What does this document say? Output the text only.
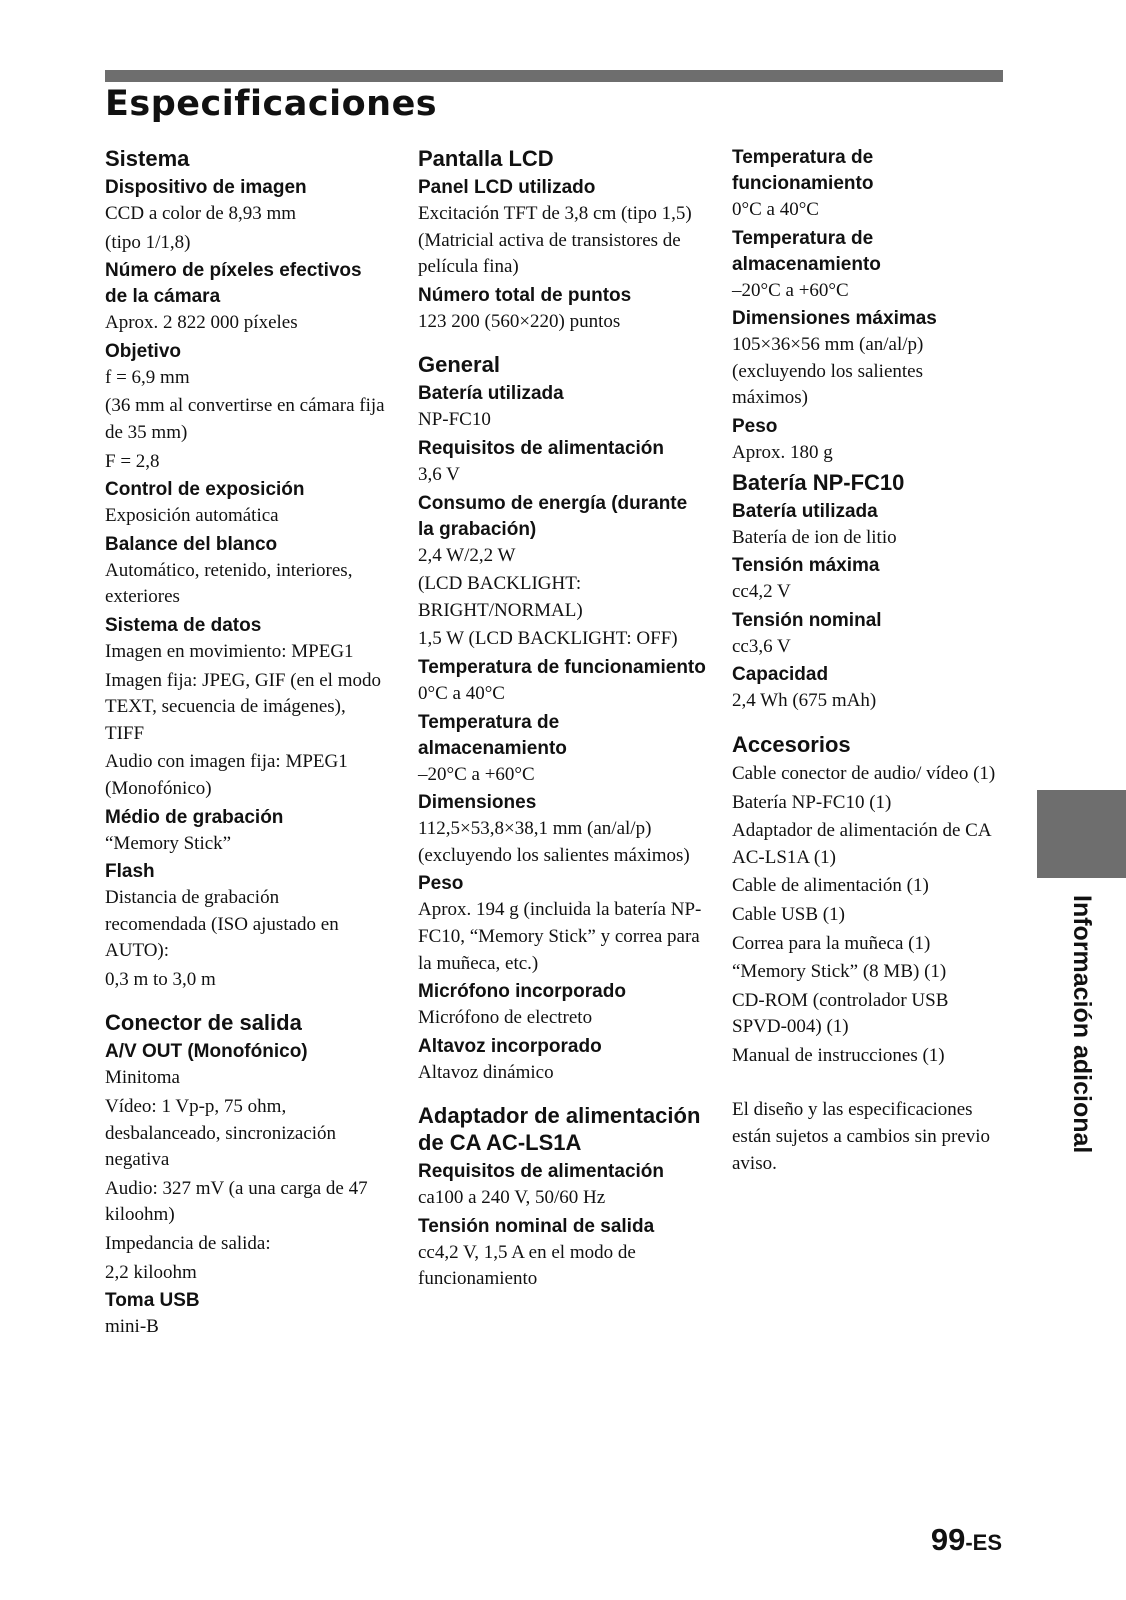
Especificaciones
Sistema
Dispositivo de imagen
CCD a color de 8,93 mm
(tipo 1/1,8)
Número de píxeles efectivos de la cámara
Aprox. 2 822 000 píxeles
Objetivo
f = 6,9 mm
(36 mm al convertirse en cámara fija de 35 mm)
F = 2,8
Control de exposición
Exposición automática
Balance del blanco
Automático, retenido, interiores, exteriores
Sistema de datos
Imagen en movimiento: MPEG1
Imagen fija: JPEG, GIF (en el modo TEXT, secuencia de imágenes), TIFF
Audio con imagen fija: MPEG1 (Monofónico)
Médio de grabación
“Memory Stick”
Flash
Distancia de grabación recomendada (ISO ajustado en AUTO):
0,3 m to 3,0 m
Conector de salida
A/V OUT (Monofónico)
Minitoma
Vídeo: 1 Vp-p, 75 ohm, desbalanceado, sincronización negativa
Audio: 327 mV (a una carga de 47 kiloohm)
Impedancia de salida:
2,2 kiloohm
Toma USB
mini-B
Pantalla LCD
Panel LCD utilizado
Excitación TFT de 3,8 cm (tipo 1,5) (Matricial activa de transistores de película fina)
Número total de puntos
123 200 (560×220) puntos
General
Batería utilizada
NP-FC10
Requisitos de alimentación
3,6 V
Consumo de energía (durante la grabación)
2,4 W/2,2 W
(LCD BACKLIGHT: BRIGHT/NORMAL)
1,5 W (LCD BACKLIGHT: OFF)
Temperatura de funcionamiento
0°C a 40°C
Temperatura de almacenamiento
–20°C a +60°C
Dimensiones
112,5×53,8×38,1 mm (an/al/p) (excluyendo los salientes máximos)
Peso
Aprox. 194 g (incluida la batería NP-FC10, “Memory Stick” y correa para la muñeca, etc.)
Micrófono incorporado
Micrófono de electreto
Altavoz incorporado
Altavoz dinámico
Adaptador de alimentación de CA AC-LS1A
Requisitos de alimentación
ca100 a 240 V, 50/60 Hz
Tensión nominal de salida
cc4,2 V, 1,5 A en el modo de funcionamiento
Temperatura de funcionamiento
0°C a 40°C
Temperatura de almacenamiento
–20°C a +60°C
Dimensiones máximas
105×36×56 mm (an/al/p) (excluyendo los salientes máximos)
Peso
Aprox. 180 g
Batería NP-FC10
Batería utilizada
Batería de ion de litio
Tensión máxima
cc4,2 V
Tensión nominal
cc3,6 V
Capacidad
2,4 Wh (675 mAh)
Accesorios
Cable conector de audio/ vídeo (1)
Batería NP-FC10 (1)
Adaptador de alimentación de CA AC-LS1A (1)
Cable de alimentación (1)
Cable USB (1)
Correa para la muñeca (1)
“Memory Stick” (8 MB) (1)
CD-ROM (controlador USB SPVD-004) (1)
Manual de instrucciones (1)
El diseño y las especificaciones están sujetos a cambios sin previo aviso.
Información adicional
99-ES
